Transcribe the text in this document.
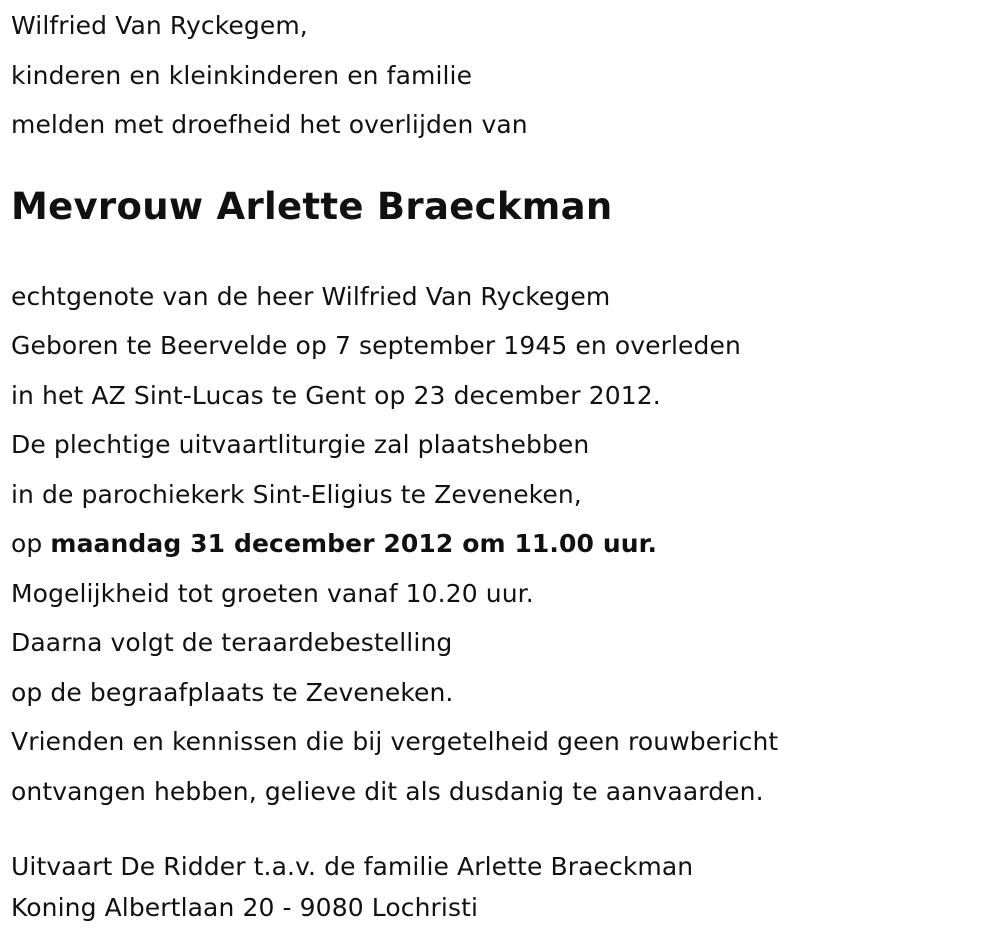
Wilfried Van Ryckegem,
kinderen en kleinkinderen en familie
melden met droefheid het overlijden van
Mevrouw Arlette Braeckman
echtgenote van de heer Wilfried Van Ryckegem
Geboren te Beervelde op 7 september 1945 en overleden
in het AZ Sint-Lucas te Gent op 23 december 2012.
De plechtige uitvaartliturgie zal plaatshebben
in de parochiekerk Sint-Eligius te Zeveneken,
op maandag 31 december 2012 om 11.00 uur.
Mogelijkheid tot groeten vanaf 10.20 uur.
Daarna volgt de teraardebestelling
op de begraafplaats te Zeveneken.
Vrienden en kennissen die bij vergetelheid geen rouwbericht
ontvangen hebben, gelieve dit als dusdanig te aanvaarden.
Uitvaart De Ridder t.a.v. de familie Arlette Braeckman
Koning Albertlaan 20 - 9080 Lochristi
